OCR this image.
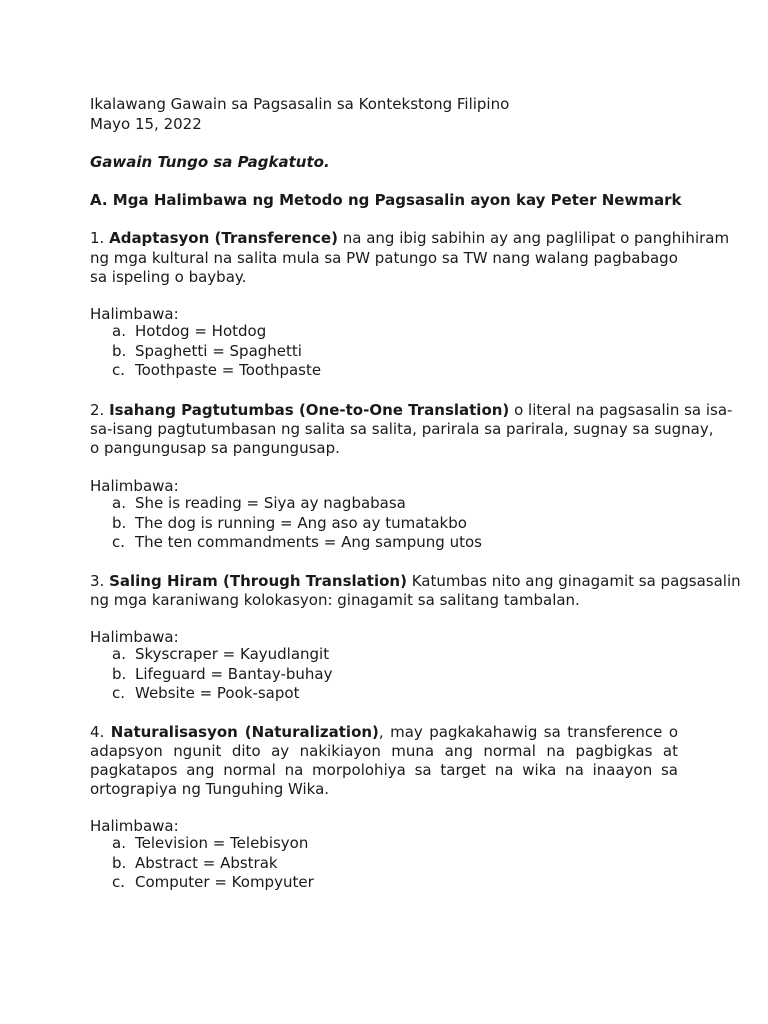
Ikalawang Gawain sa Pagsasalin sa Kontekstong Filipino
Mayo 15, 2022
Gawain Tungo sa Pagkatuto.
A. Mga Halimbawa ng Metodo ng Pagsasalin ayon kay Peter Newmark
1. Adaptasyon (Transference) na ang ibig sabihin ay ang paglilipat o panghihiram
ng mga kultural na salita mula sa PW patungo sa TW nang walang pagbabago
sa ispeling o baybay.
Halimbawa:
a. Hotdog = Hotdog
b. Spaghetti = Spaghetti
c. Toothpaste = Toothpaste
2. Isahang Pagtutumbas (One-to-One Translation) o literal na pagsasalin sa isa-
sa-isang pagtutumbasan ng salita sa salita, parirala sa parirala, sugnay sa sugnay,
o pangungusap sa pangungusap.
Halimbawa:
a. She is reading = Siya ay nagbabasa
b. The dog is running = Ang aso ay tumatakbo
c. The ten commandments = Ang sampung utos
3. Saling Hiram (Through Translation) Katumbas nito ang ginagamit sa pagsasalin
ng mga karaniwang kolokasyon: ginagamit sa salitang tambalan.
Halimbawa:
a. Skyscraper = Kayudlangit
b. Lifeguard = Bantay-buhay
c. Website = Pook-sapot
4. Naturalisasyon (Naturalization), may pagkakahawig sa transference o
adapsyon ngunit dito ay nakikiayon muna ang normal na pagbigkas at
pagkatapos ang normal na morpolohiya sa target na wika na inaayon sa
ortograpiya ng Tunguhing Wika.
Halimbawa:
a. Television = Telebisyon
b. Abstract = Abstrak
c. Computer = Kompyuter
